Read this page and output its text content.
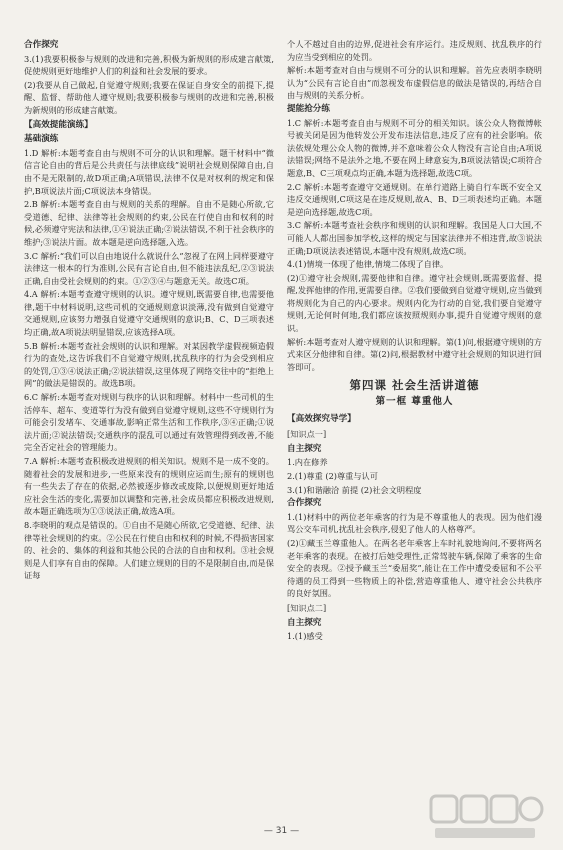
合作探究
3.(1)我要积极参与规则的改进和完善,积极为新规则的形成建言献策,促使规则更好地维护人们的利益和社会发展的要求。
(2)我要从自己做起,自觉遵守规则;我要在保证自身安全的前提下,提醒、监督、帮助他人遵守规则;我要积极参与规则的改进和完善,积极为新规则的形成建言献策。
【高效提能演练】
基础演练
1.D 解析:本题考查自由与规则不可分的认识和理解。题干材料中“微信言论自由的背后是公共责任与法律底线”说明社会规则保障自由,自由不是无限制的,故D项正确;A项错误,法律不仅是对权利的规定和保护,B项说法片面;C项说法本身错误。
2.B 解析:本题考查自由与规则的关系的理解。自由不是随心所欲,它受道德、纪律、法律等社会规则的约束,公民在行使自由和权利的时候,必须遵守宪法和法律,①④说法正确;②说法错误,不利于社会秩序的维护;③说法片面。故本题是逆向选择题,入选。
3.C 解析:“我们可以自由地说什么就说什么”忽视了在网上同样要遵守法律这一根本的行为准则,公民有言论自由,但不能违法乱纪,②③说法正确,自由受社会规则的约束。①②③④与题意无关。故选C项。
4.A 解析:本题考查遵守规则的认识。遵守规则,既需要自律,也需要他律,题干中材料说明,这些司机的交通规则意识淡薄,没有做到自觉遵守交通规则,应该努力增强自觉遵守交通规则的意识;B、C、D三项表述均正确,故A项说法明显错误,应该选择A项。
5.B 解析:本题考查社会规则的认识和理解。对某因教学虚假视频造假行为的查处,这告诉我们不自觉遵守规则,扰乱秩序的行为会受到相应的处罚,①③④说法正确;②说法错误,这里体现了网络交往中的“拒绝上网”的做法是错误的。故选B项。
6.C 解析:本题考查对规则与秩序的认识和理解。材料中一些司机的生活停车、超车、变道等行为没有做到自觉遵守规则,这些不守规则行为可能会引发堵车、交通事故,影响正常生活和工作秩序,③④正确;①说法片面;②说法错误;交通秩序的混乱可以通过有效管理得到改善,不能完全否定社会的管理能力。
7.A 解析:本题考查积极改进规则的相关知识。规则不是一成不变的。随着社会的发展和进步,一些原来没有的规则应运而生;原有的规则也有一些失去了存在的依据,必然被逐步修改或废除,以便规则更好地适应社会生活的变化,需要加以调整和完善,社会成员都应积极改进规则,故本题正确选项为①③说法正确,故选A项。
8.李晓明的观点是错误的。①自由不是随心所欲,它受道德、纪律、法律等社会规则的约束。②公民在行使自由和权利的时候,不得损害国家的、社会的、集体的利益和其他公民的合法的自由和权利。③社会规则是人们享有自由的保障。人们建立规则的目的不是限制自由,而是保证每
个人不越过自由的边界,促进社会有序运行。违反规则、扰乱秩序的行为应当受到相应的处罚。
解析:本题考查对自由与规则不可分的认识和理解。首先应表明李晓明认为“公民有言论自由”而忽视发布虚假信息的做法是错误的,再结合自由与规则的关系分析。
提能抢分练
1.C 解析:本题考查自由与规则不可分的相关知识。该公众人物微博帐号被关闭是因为他转发公开发布违法信息,违反了应有的社会影响。依法依规处理公众人物的微博,并不意味着公众人物没有言论自由;A项说法错误;网络不是法外之地,不要在网上肆意妄为,B项说法错误;C项符合题意,B、C三项观点均正确,本题为选择题,故选C项。
2.C 解析:本题考查遵守交通规则。在单行道路上骑自行车既不安全又违反交通规则,C项这是在违反规则,故A、B、D三项表述均正确。本题是逆向选择题,故选C项。
3.C 解析:本题考查社会秩序和规则的认识和理解。我国是人口大国,不可能人人都出国参加学校,这样的规定与国家法律并不相违背,故③说法正确;D项说法表述错误,本题中没有规则,故选C项。
4.(1)情境一体现了他律,情境二体现了自律。
(2)①遵守社会规则,需要他律和自律。遵守社会规则,既需要监督、提醒,发挥他律的作用,更需要自律。②我们要做到自觉遵守规则,应当做到将规则化为自己的内心要求。规则内化为行动的自觉,我们要自觉遵守规则,无论何时何地,我们都应该按照规则办事,提升自觉遵守规则的意识。
解析:本题考查对人遵守规则的认识和理解。第(1)问,根据遵守规则的方式来区分他律和自律。第(2)问,根据教材中遵守社会规则的知识进行回答即可。
第四课 社会生活讲道德
第一框 尊重他人
【高效探究导学】
[知识点一]
自主探究
1.内在修养
2.(1)尊重 (2)尊重与认可
3.(1)和谐融洽 前提 (2)社会文明程度
合作探究
1.(1)材料中的两位老年乘客的行为是不尊重他人的表现。因为他们漫骂公交车司机,扰乱社会秩序,侵犯了他人的人格尊严。
(2)①藏玉兰尊重他人。在两名老年乘客上车时礼貌地询问,不要将两名老年乘客的表现。在被打后她受理性,正常驾驶车辆,保障了乘客的生命安全的表现。②授予藏玉兰“委屈奖”,能让在工作中遭受委屈和不公平待遇的员工得到一些物质上的补偿,营造尊重他人、遵守社会公共秩序的良好氛围。
[知识点二]
自主探究
1.(1)感受
— 31 —
